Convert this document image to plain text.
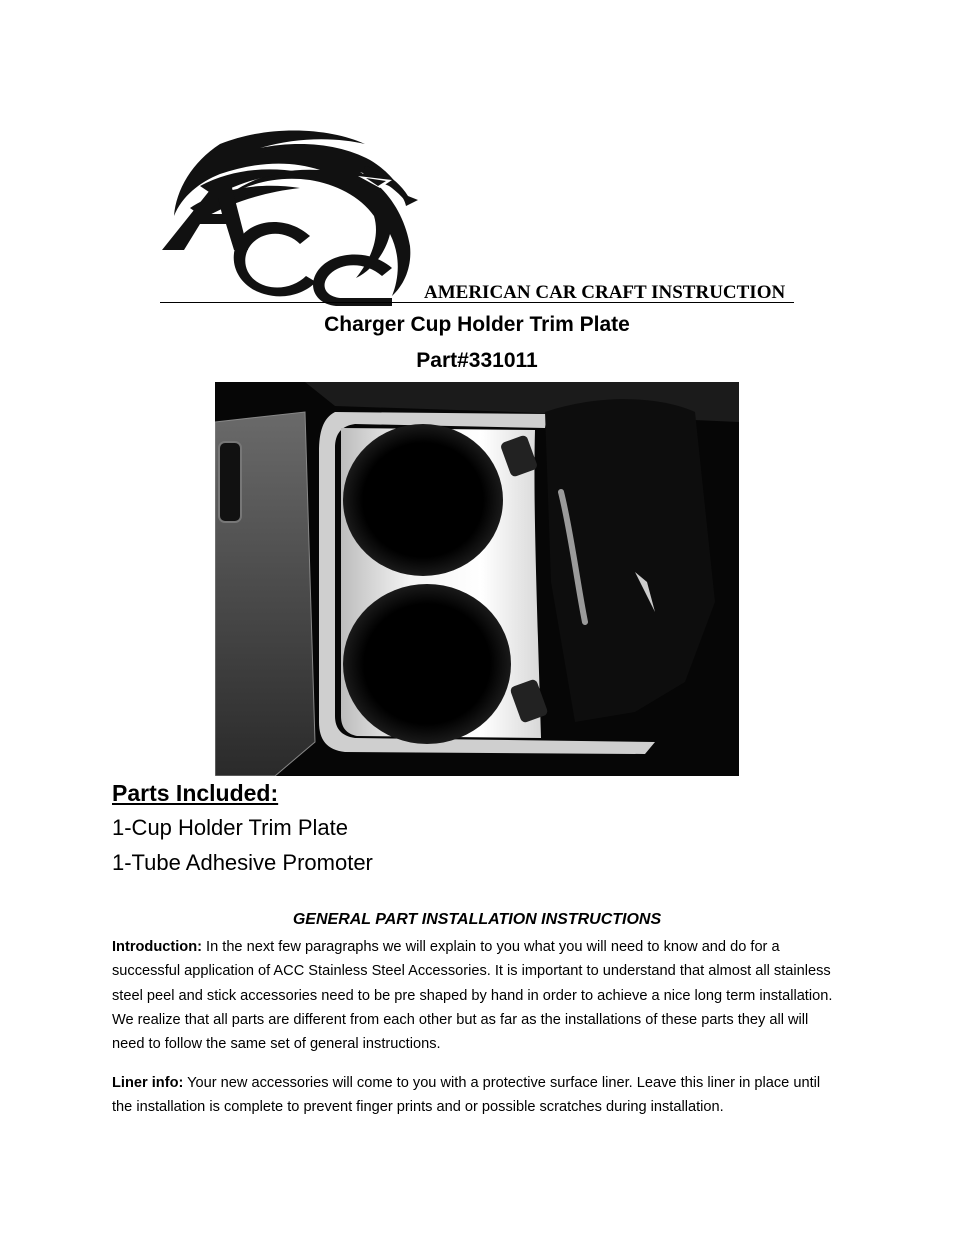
AMERICAN CAR CRAFT INSTRUCTION
Charger Cup Holder Trim Plate
Part#331011
Parts Included:
1-Cup Holder Trim Plate
1-Tube Adhesive Promoter
GENERAL PART INSTALLATION INSTRUCTIONS
Introduction: In the next few paragraphs we will explain to you what you will need to know and do for a successful application of ACC Stainless Steel Accessories. It is important to understand that almost all stainless steel peel and stick accessories need to be pre shaped by hand in order to achieve a nice long term installation. We realize that all parts are different from each other but as far as the installations of these parts they all will need to follow the same set of general instructions.
Liner info: Your new accessories will come to you with a protective surface liner. Leave this liner in place until the installation is complete to prevent finger prints and or possible scratches during installation.
